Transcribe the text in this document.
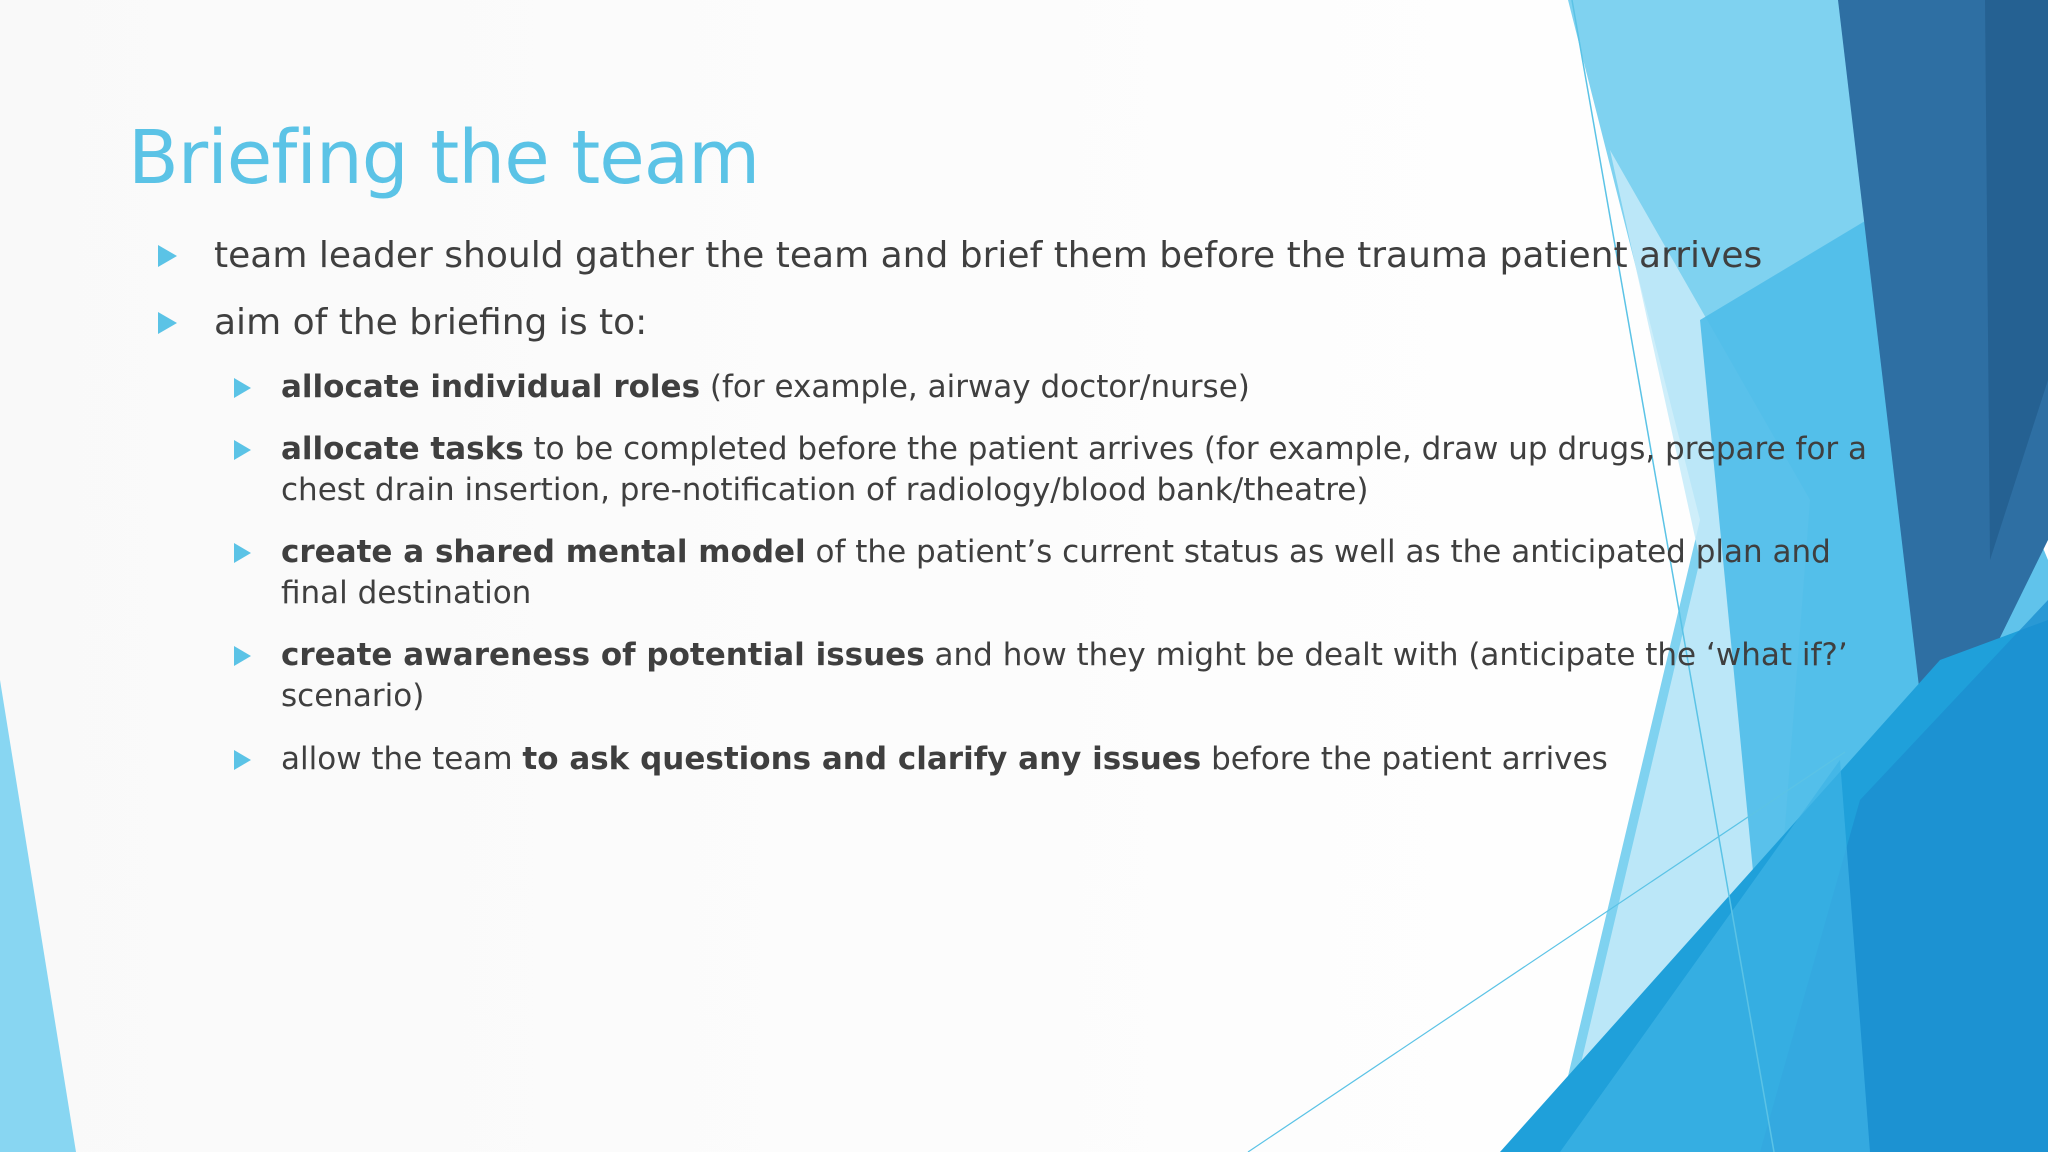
Briefing the team
team leader should gather the team and brief them before the trauma patient arrives
aim of the briefing is to:
allocate individual roles (for example, airway doctor/nurse)
allocate tasks to be completed before the patient arrives (for example, draw up drugs, prepare for a chest drain insertion, pre-notification of radiology/blood bank/theatre)
create a shared mental model of the patient’s current status as well as the anticipated plan and final destination
create awareness of potential issues and how they might be dealt with (anticipate the ‘what if?’ scenario)
allow the team to ask questions and clarify any issues before the patient arrives
